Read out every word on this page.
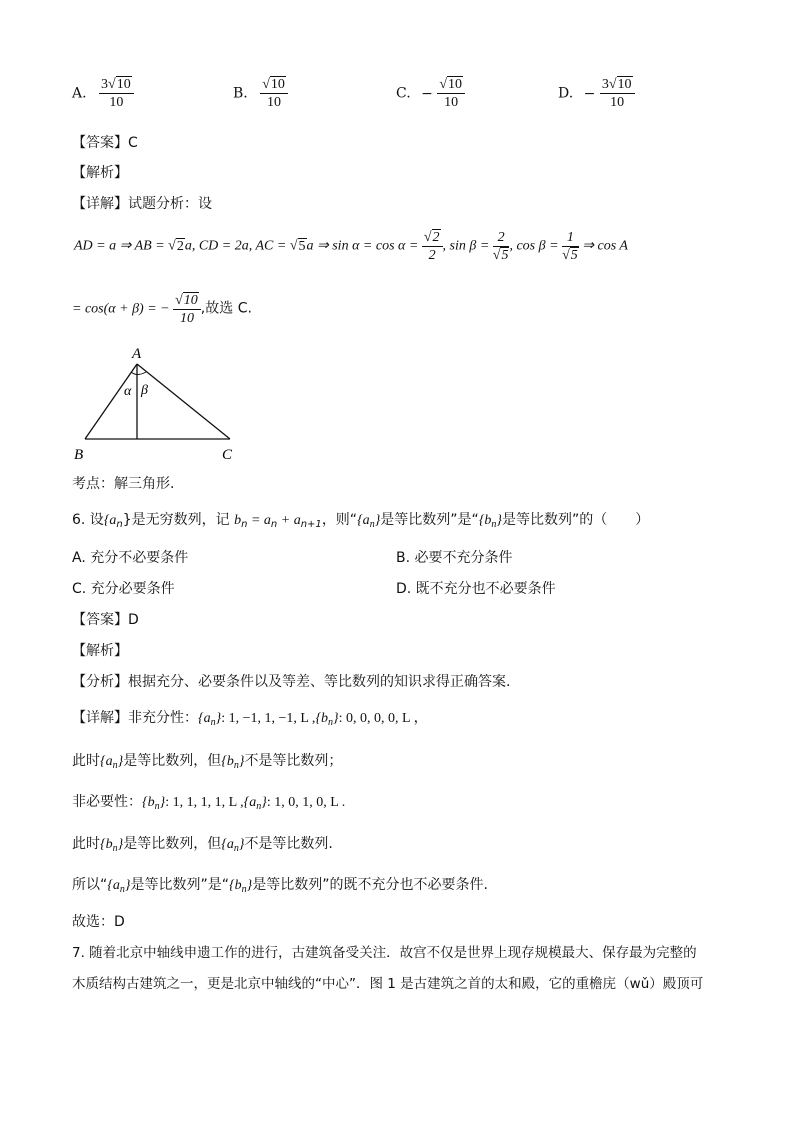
A. $\frac{3√10}{10}$	B. $\frac{√10}{10}$	C. − $\frac{√10}{10}$	D. − $\frac{3√10}{10}$
【答案】C
【解析】
【详解】试题分析：设
AD = a ⇒ AB = √2a, CD = 2a, AC = √5a ⇒ $\sin \alpha = \cos \alpha = \frac{√2}{2}$ , $\sin \beta = \frac{2}{√5}$ , $\cos \beta = \frac{1}{√5}$ ⇒ cos A
= cos(α + β) = − $\frac{√10}{10}$ ,故选 C.
A
α β
B	C
考点：解三角形.
6. 设$\{a_n\}$是无穷数列，记 $b_n = a_n + a_{n+1}$，则“$\{a_n\}$是等比数列”是“$\{b_n\}$是等比数列”的（　　）
A. 充分不必要条件	B. 必要不充分条件
C. 充分必要条件	D. 既不充分也不必要条件
【答案】D
【解析】
【分析】根据充分、必要条件以及等差、等比数列的知识求得正确答案.
【详解】非充分性：$\{a_n\}$: 1, −1, 1, −1, L $,\{b_n\}$: 0, 0, 0, 0, L ，
此时$\{a_n\}$是等比数列，但$\{b_n\}$不是等比数列；
非必要性：$\{b_n\}$: 1, 1, 1, 1, L $,\{a_n\}$: 1, 0, 1, 0, L .
此时$\{b_n\}$是等比数列，但$\{a_n\}$不是等比数列.
所以“$\{a_n\}$是等比数列”是“$\{b_n\}$是等比数列”的既不充分也不必要条件.
故选：D
7. 随着北京中轴线申遗工作的进行，古建筑备受关注．故宫不仅是世界上现存规模最大、保存最为完整的
木质结构古建筑之一，更是北京中轴线的“中心”．图 1 是古建筑之首的太和殿，它的重檐庑（wǔ）殿顶可
